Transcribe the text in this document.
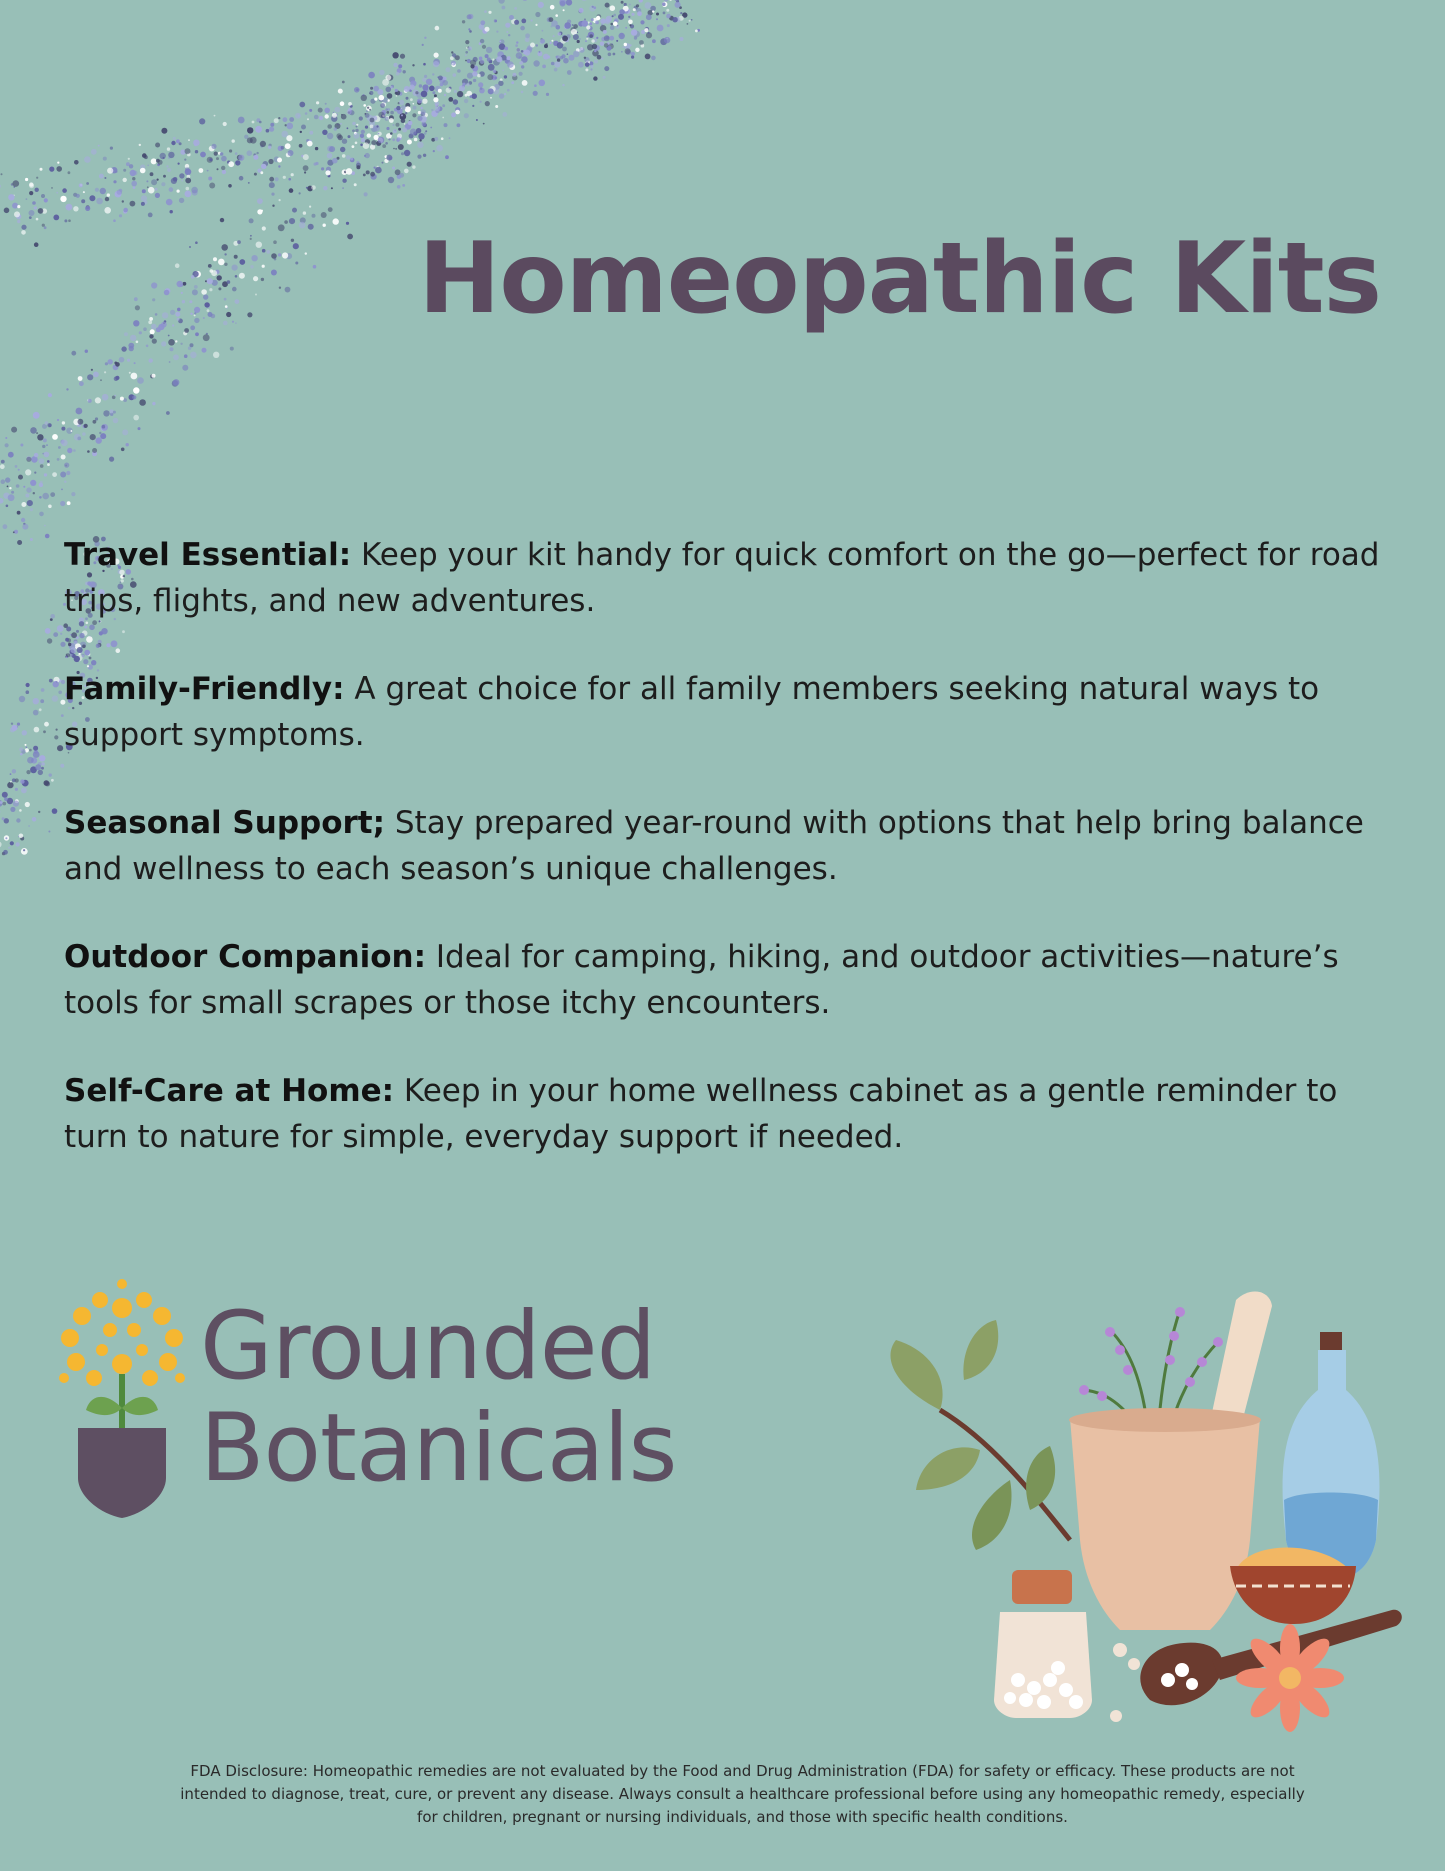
Homeopathic Kits

Travel Essential: Keep your kit handy for quick comfort on the go—perfect for road trips, flights, and new adventures.

Family-Friendly: A great choice for all family members seeking natural ways to support symptoms.

Seasonal Support; Stay prepared year-round with options that help bring balance and wellness to each season’s unique challenges.

Outdoor Companion: Ideal for camping, hiking, and outdoor activities—nature’s tools for small scrapes or those itchy encounters.

Self-Care at Home: Keep in your home wellness cabinet as a gentle reminder to turn to nature for simple, everyday support if needed.

Grounded
Botanicals

FDA Disclosure: Homeopathic remedies are not evaluated by the Food and Drug Administration (FDA) for safety or efficacy. These products are not intended to diagnose, treat, cure, or prevent any disease. Always consult a healthcare professional before using any homeopathic remedy, especially for children, pregnant or nursing individuals, and those with specific health conditions.
